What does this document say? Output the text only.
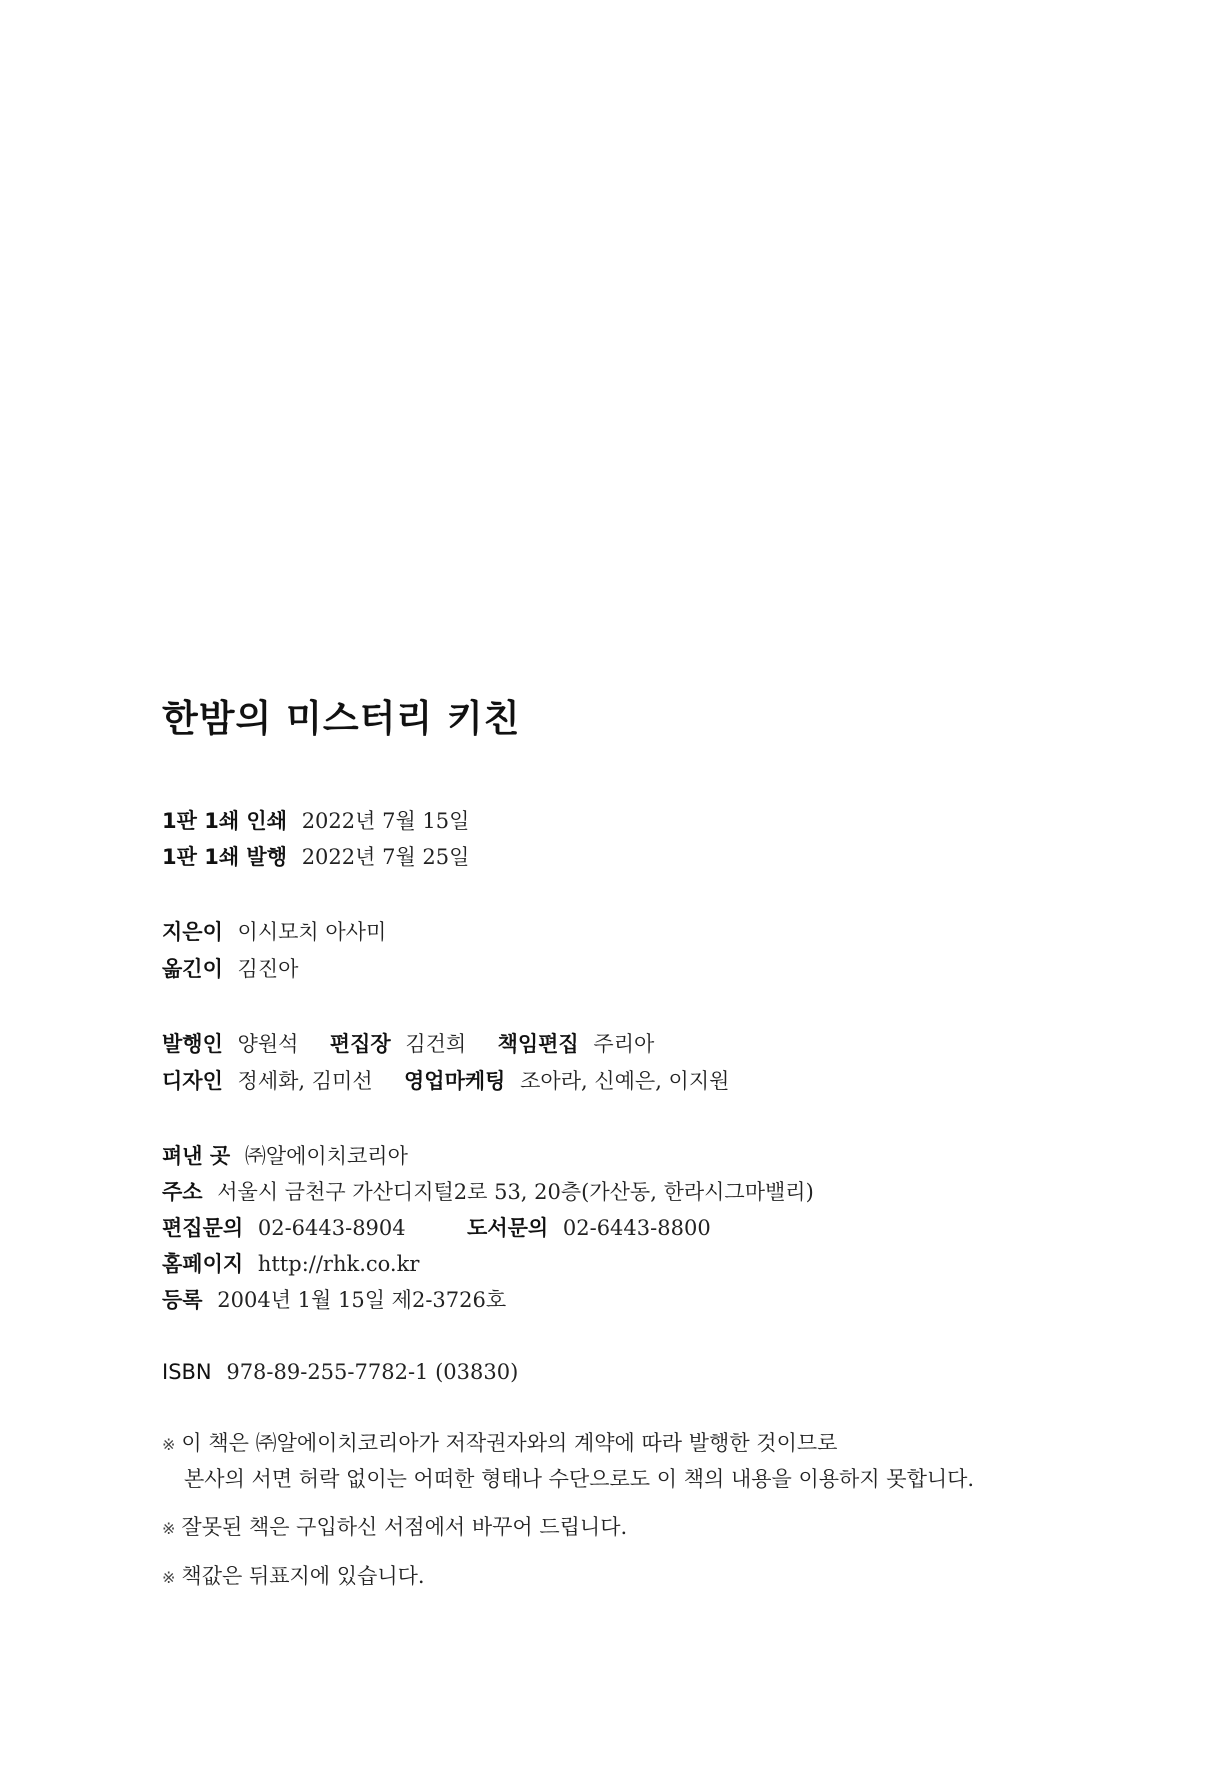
한밤의 미스터리 키친
1판 1쇄 인쇄 2022년 7월 15일
1판 1쇄 발행 2022년 7월 25일
지은이 이시모치 아사미
옮긴이 김진아
발행인 양원석 편집장 김건희 책임편집 주리아
디자인 정세화, 김미선 영업마케팅 조아라, 신예은, 이지원
펴낸 곳 ㈜알에이치코리아
주소 서울시 금천구 가산디지털2로 53, 20층(가산동, 한라시그마밸리)
편집문의 02-6443-8904	도서문의 02-6443-8800
홈페이지 http://rhk.co.kr
등록 2004년 1월 15일 제2-3726호
ISBN 978-89-255-7782-1 (03830)
※ 이 책은 ㈜알에이치코리아가 저작권자와의 계약에 따라 발행한 것이므로
본사의 서면 허락 없이는 어떠한 형태나 수단으로도 이 책의 내용을 이용하지 못합니다.
※ 잘못된 책은 구입하신 서점에서 바꾸어 드립니다.
※ 책값은 뒤표지에 있습니다.
